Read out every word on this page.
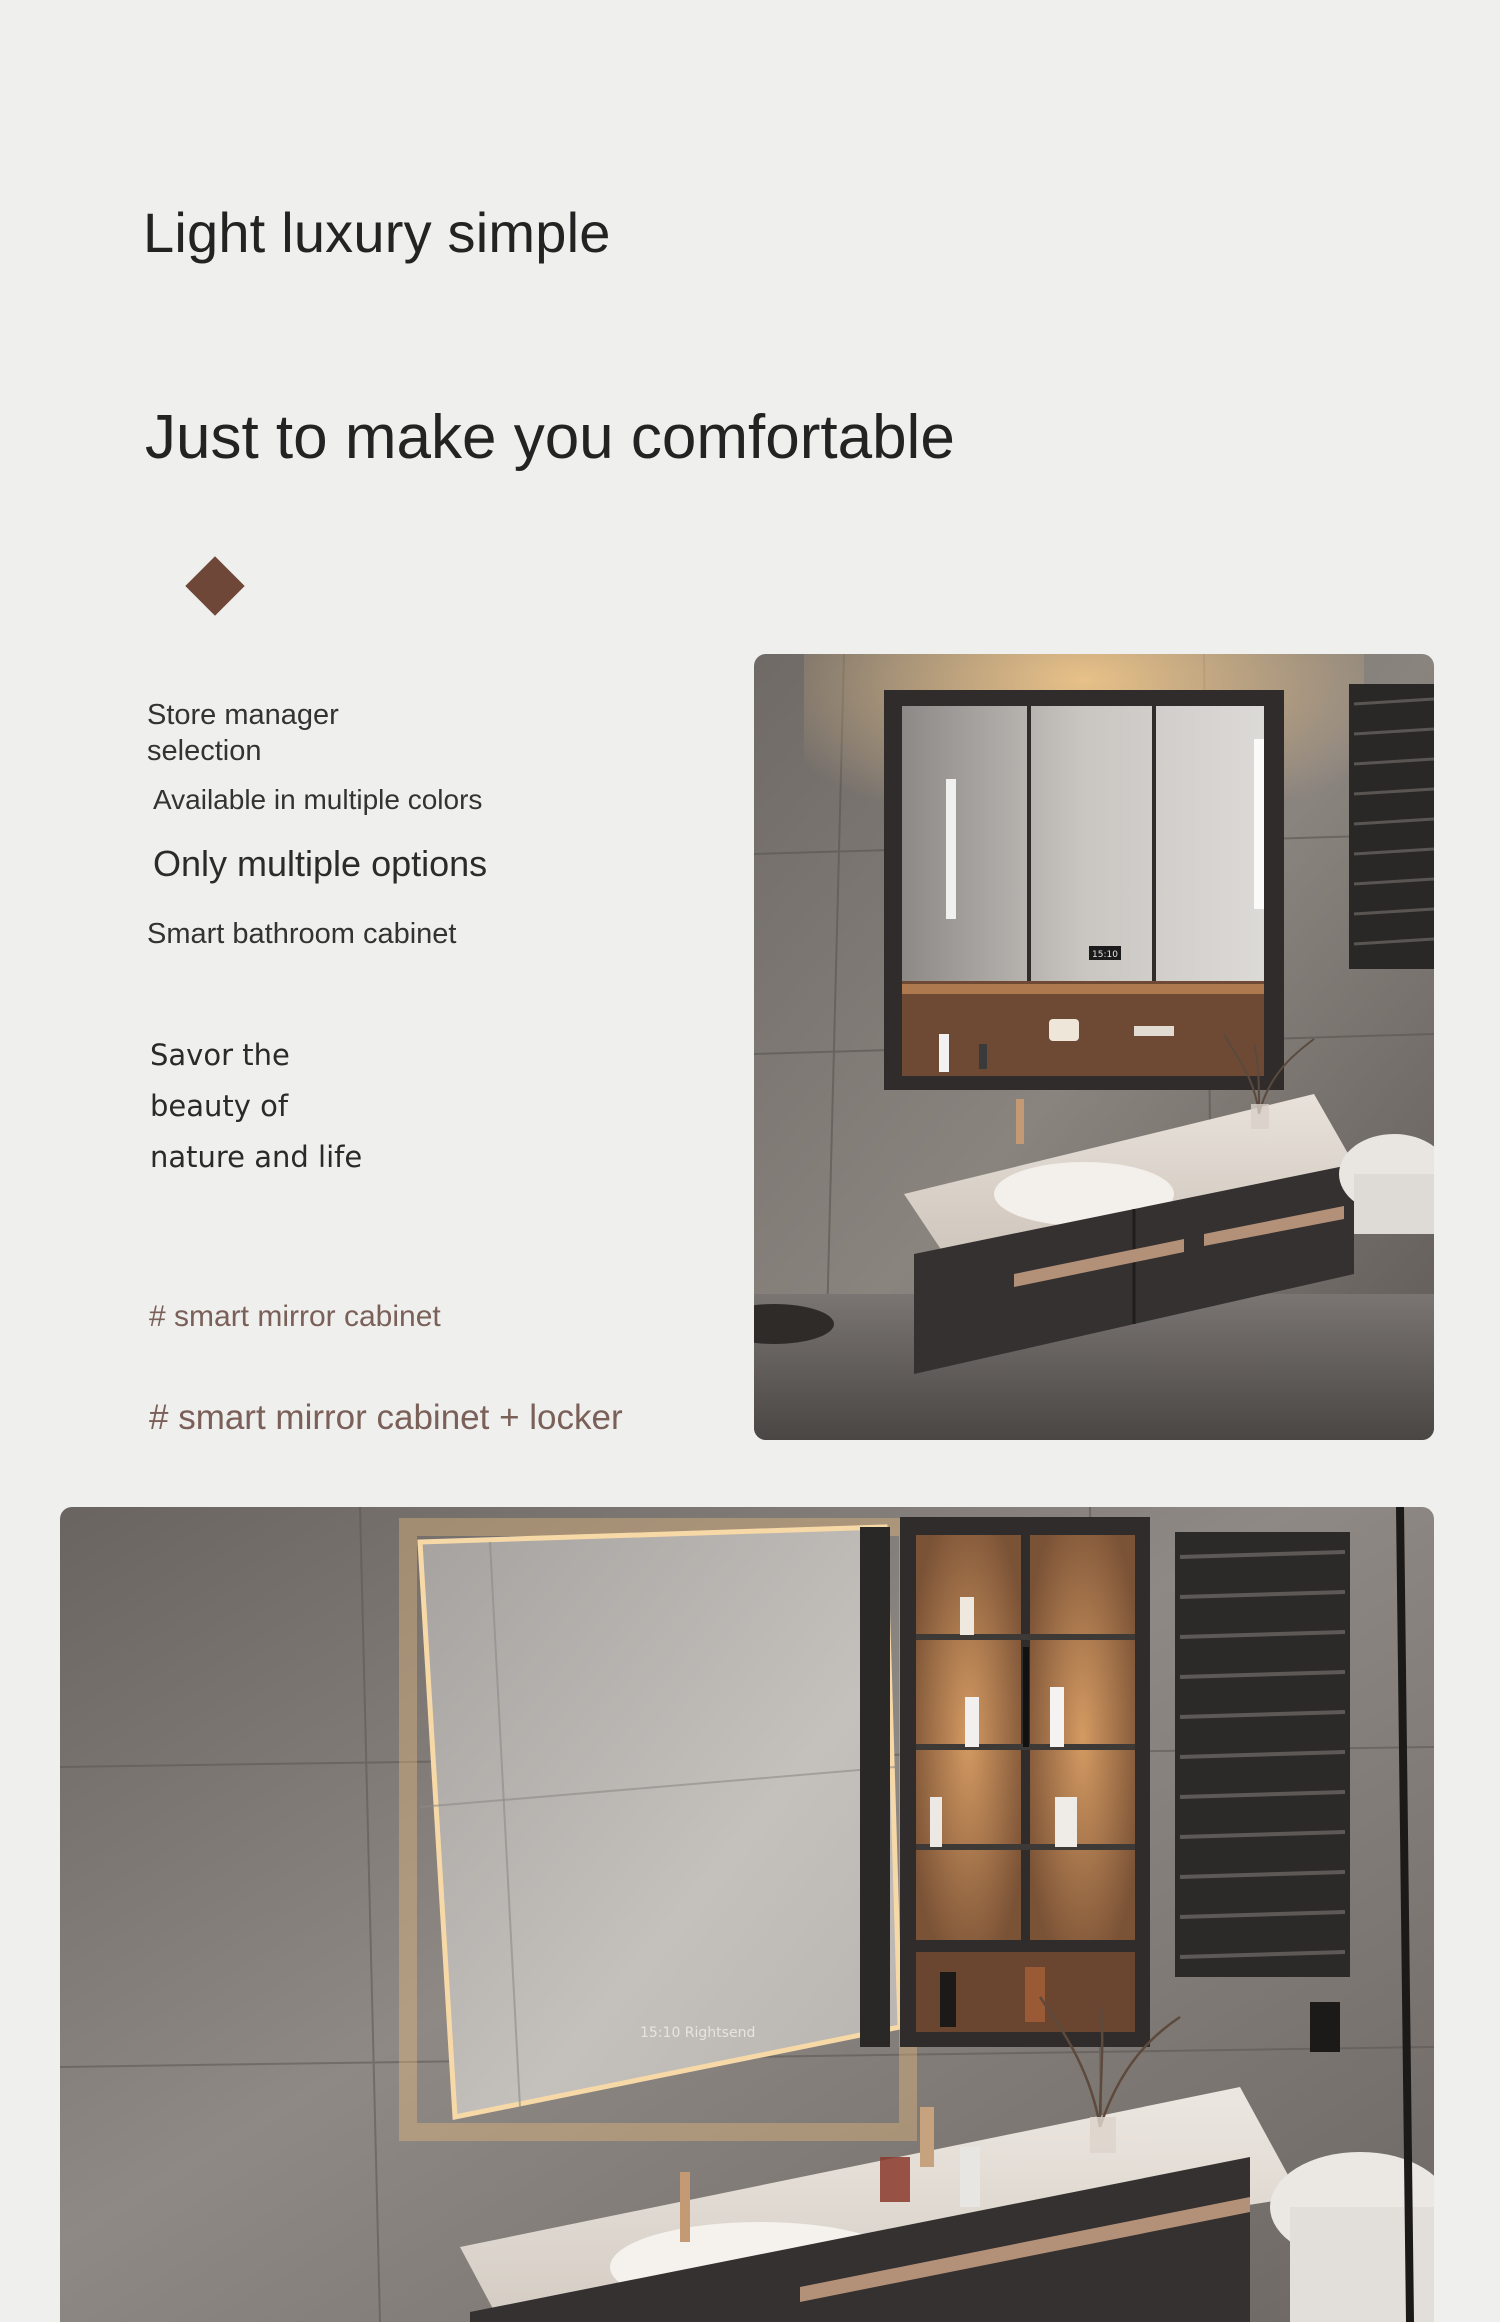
Light luxury simple
Just to make you comfortable
Store manager selection
Available in multiple colors
Only multiple options
Smart bathroom cabinet
Savor the
beauty of
nature and life
# smart mirror cabinet
# smart mirror cabinet + locker
15:10
15:10 Rightsend
